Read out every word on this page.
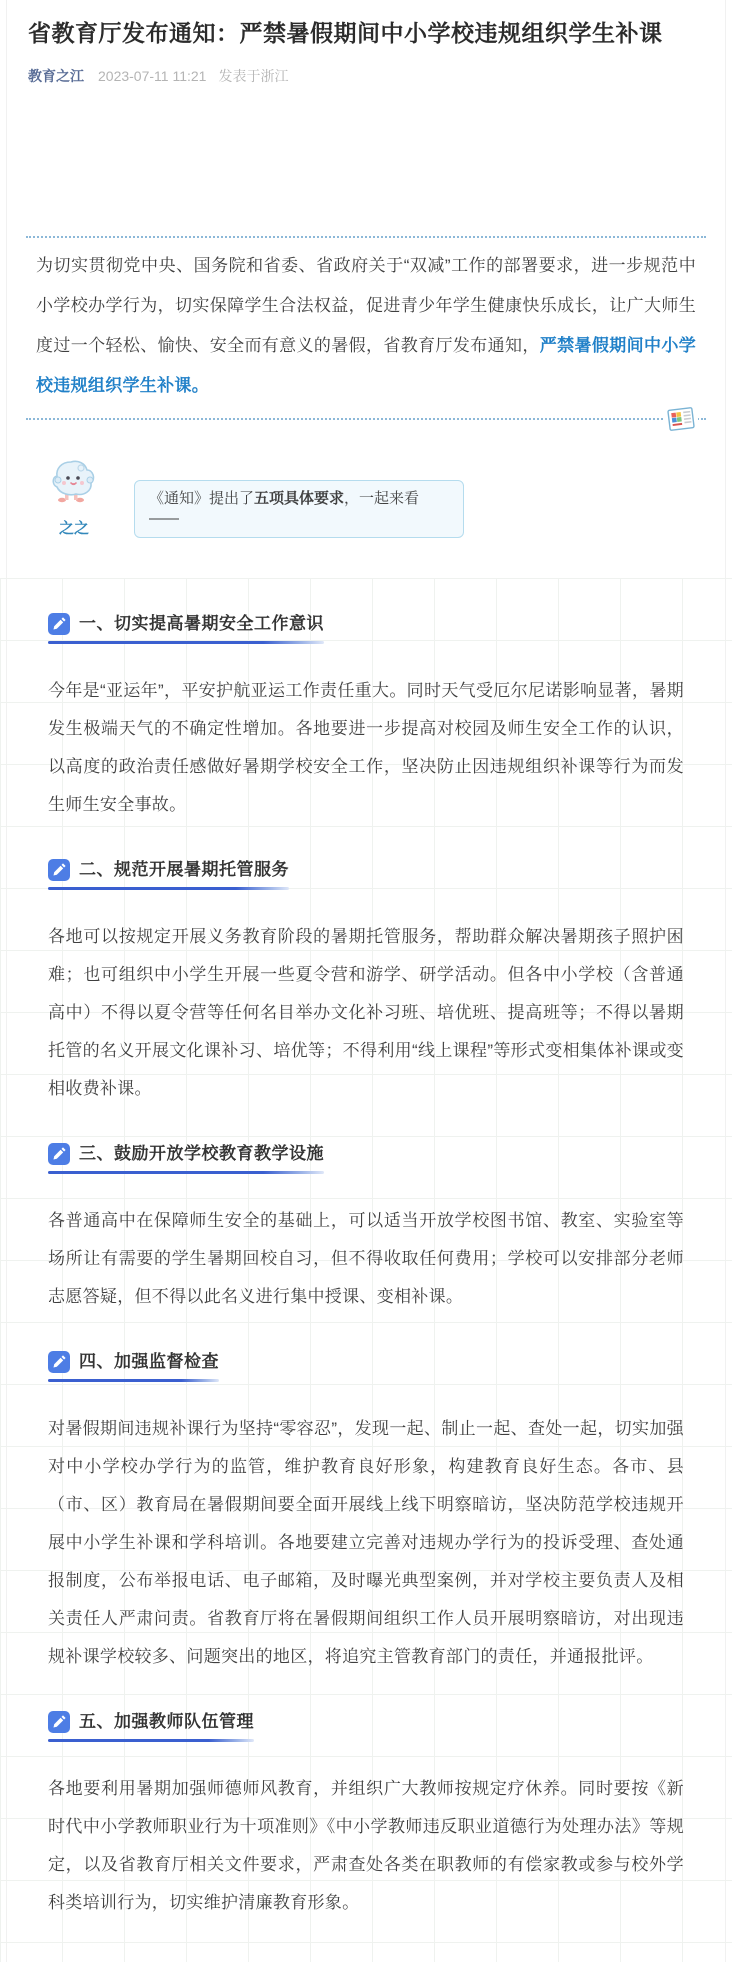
省教育厅发布通知：严禁暑假期间中小学校违规组织学生补课
教育之江 2023-07-11 11:21 发表于浙江

为切实贯彻党中央、国务院和省委、省政府关于“双减”工作的部署要求，进一步规范中小学校办学行为，切实保障学生合法权益，促进青少年学生健康快乐成长，让广大师生度过一个轻松、愉快、安全而有意义的暑假，省教育厅发布通知，严禁暑假期间中小学校违规组织学生补课。

之之
《通知》提出了五项具体要求，一起来看——
一、切实提高暑期安全工作意识

今年是“亚运年”，平安护航亚运工作责任重大。同时天气受厄尔尼诺影响显著，暑期发生极端天气的不确定性增加。各地要进一步提高对校园及师生安全工作的认识，以高度的政治责任感做好暑期学校安全工作，坚决防止因违规组织补课等行为而发生师生安全事故。

二、规范开展暑期托管服务

各地可以按规定开展义务教育阶段的暑期托管服务，帮助群众解决暑期孩子照护困难；也可组织中小学生开展一些夏令营和游学、研学活动。但各中小学校（含普通高中）不得以夏令营等任何名目举办文化补习班、培优班、提高班等；不得以暑期托管的名义开展文化课补习、培优等；不得利用“线上课程”等形式变相集体补课或变相收费补课。

三、鼓励开放学校教育教学设施

各普通高中在保障师生安全的基础上，可以适当开放学校图书馆、教室、实验室等场所让有需要的学生暑期回校自习，但不得收取任何费用；学校可以安排部分老师志愿答疑，但不得以此名义进行集中授课、变相补课。

四、加强监督检查

对暑假期间违规补课行为坚持“零容忍”，发现一起、制止一起、查处一起，切实加强对中小学校办学行为的监管，维护教育良好形象，构建教育良好生态。各市、县（市、区）教育局在暑假期间要全面开展线上线下明察暗访，坚决防范学校违规开展中小学生补课和学科培训。各地要建立完善对违规办学行为的投诉受理、查处通报制度，公布举报电话、电子邮箱，及时曝光典型案例，并对学校主要负责人及相关责任人严肃问责。省教育厅将在暑假期间组织工作人员开展明察暗访，对出现违规补课学校较多、问题突出的地区，将追究主管教育部门的责任，并通报批评。

五、加强教师队伍管理

各地要利用暑期加强师德师风教育，并组织广大教师按规定疗休养。同时要按《新时代中小学教师职业行为十项准则》《中小学教师违反职业道德行为处理办法》等规定，以及省教育厅相关文件要求，严肃查处各类在职教师的有偿家教或参与校外学科类培训行为，切实维护清廉教育形象。
